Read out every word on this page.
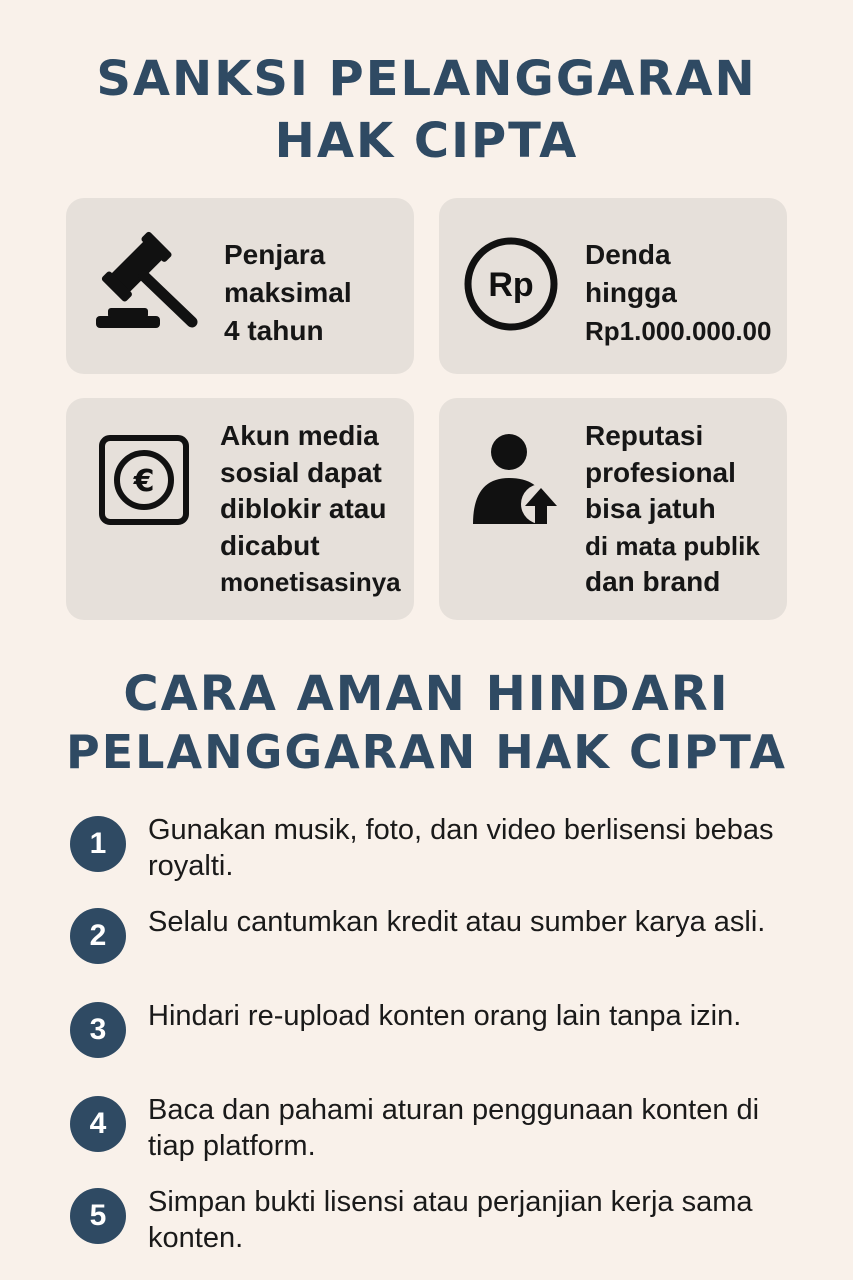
SANKSI PELANGGARAN
HAK CIPTA
Penjara
maksimal
4 tahun
Rp
Denda
hingga
Rp1.000.000.00
€
Akun media
sosial dapat
diblokir atau
dicabut
monetisasinya
Reputasi
profesional
bisa jatuh
di mata publik
dan brand
CARA AMAN HINDARI
PELANGGARAN HAK CIPTA
1	Gunakan musik, foto, dan video berlisensi bebas royalti.
2	Selalu cantumkan kredit atau sumber karya asli.
3	Hindari re-upload konten orang lain tanpa izin.
4	Baca dan pahami aturan penggunaan konten di tiap platform.
5	Simpan bukti lisensi atau perjanjian kerja sama konten.
